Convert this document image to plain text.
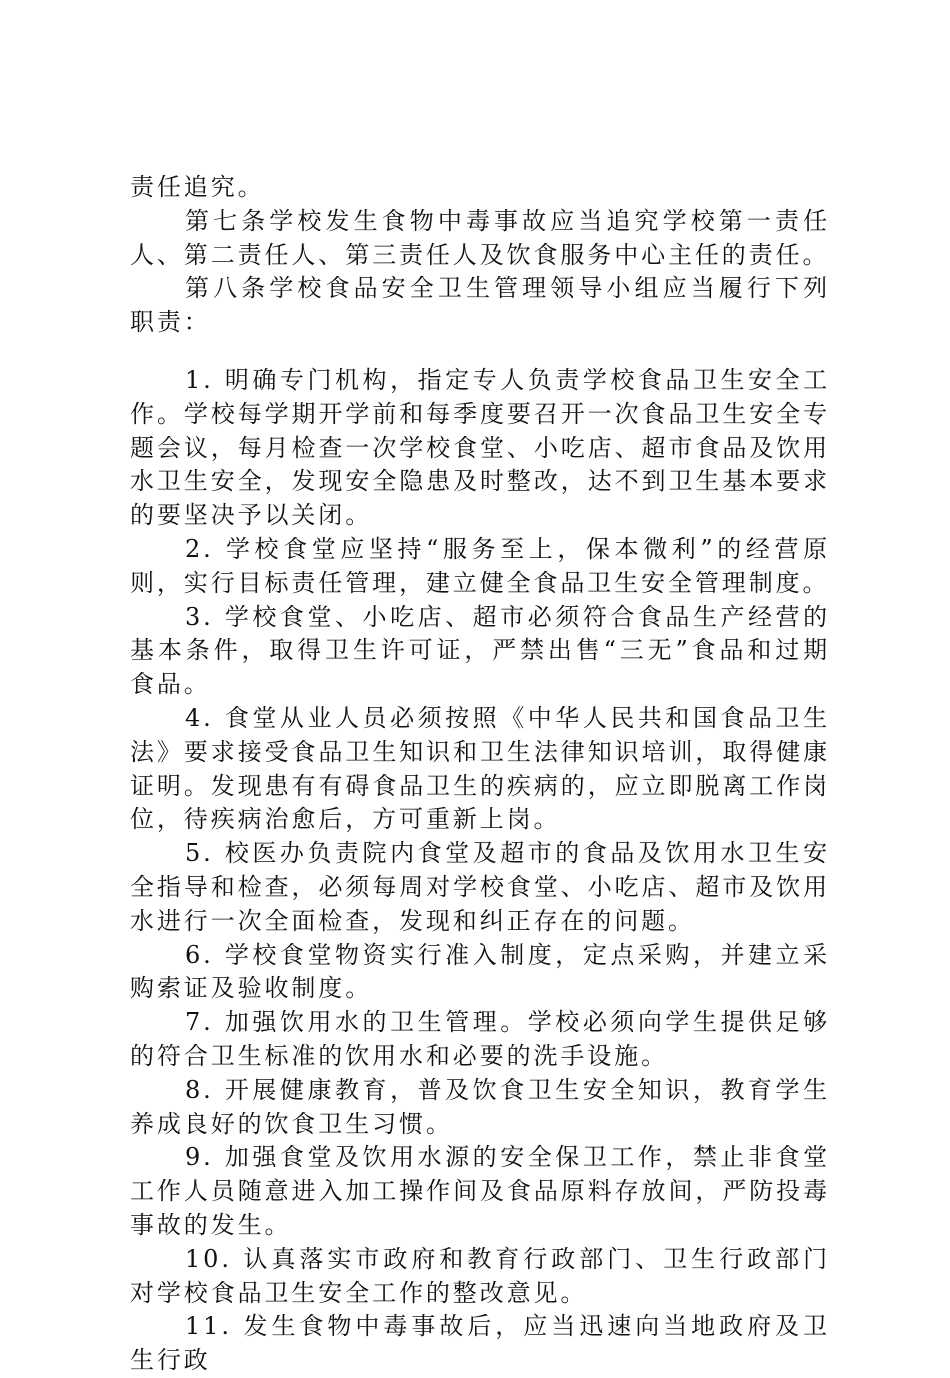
责任追究。

第七条学校发生食物中毒事故应当追究学校第一责任人、第二责任人、第三责任人及饮食服务中心主任的责任。

第八条学校食品安全卫生管理领导小组应当履行下列职责：

1. 明确专门机构，指定专人负责学校食品卫生安全工作。学校每学期开学前和每季度要召开一次食品卫生安全专题会议，每月检查一次学校食堂、小吃店、超市食品及饮用水卫生安全，发现安全隐患及时整改，达不到卫生基本要求的要坚决予以关闭。

2. 学校食堂应坚持“服务至上，保本微利”的经营原则，实行目标责任管理，建立健全食品卫生安全管理制度。

3. 学校食堂、小吃店、超市必须符合食品生产经营的基本条件，取得卫生许可证，严禁出售“三无”食品和过期食品。

4. 食堂从业人员必须按照《中华人民共和国食品卫生法》要求接受食品卫生知识和卫生法律知识培训，取得健康证明。发现患有有碍食品卫生的疾病的，应立即脱离工作岗位，待疾病治愈后，方可重新上岗。

5. 校医办负责院内食堂及超市的食品及饮用水卫生安全指导和检查，必须每周对学校食堂、小吃店、超市及饮用水进行一次全面检查，发现和纠正存在的问题。

6. 学校食堂物资实行准入制度，定点采购，并建立采购索证及验收制度。

7. 加强饮用水的卫生管理。学校必须向学生提供足够的符合卫生标准的饮用水和必要的洗手设施。

8. 开展健康教育，普及饮食卫生安全知识，教育学生养成良好的饮食卫生习惯。

9. 加强食堂及饮用水源的安全保卫工作，禁止非食堂工作人员随意进入加工操作间及食品原料存放间，严防投毒事故的发生。

10. 认真落实市政府和教育行政部门、卫生行政部门对学校食品卫生安全工作的整改意见。

11. 发生食物中毒事故后，应当迅速向当地政府及卫生行政
